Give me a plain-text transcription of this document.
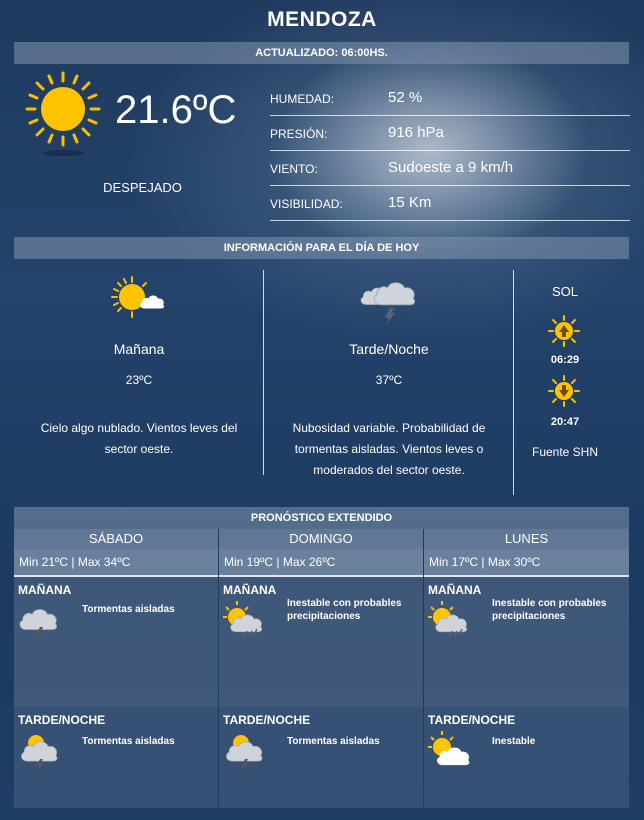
MENDOZA
ACTUALIZADO: 06:00HS.
21.6ºC
DESPEJADO
HUMEDAD:	52 %
PRESIÓN:	916 hPa
VIENTO:	Sudoeste a 9 km/h
VISIBILIDAD:	15 Km
INFORMACIÓN PARA EL DÍA DE HOY
Mañana
23ºC
Cielo algo nublado. Vientos leves del sector oeste.
Tarde/Noche
37ºC
Nubosidad variable. Probabilidad de tormentas aisladas. Vientos leves o moderados del sector oeste.
SOL
06:29
20:47
Fuente SHN
PRONÓSTICO EXTENDIDO
SÁBADO
Min 21ºC | Max 34ºC
MAÑANA
Tormentas aisladas
TARDE/NOCHE
Tormentas aisladas
DOMINGO
Min 19ºC | Max 26ºC
MAÑANA
Inestable con probables precipitaciones
TARDE/NOCHE
Tormentas aisladas
LUNES
Min 17ºC | Max 30ºC
MAÑANA
Inestable con probables precipitaciones
TARDE/NOCHE
Inestable
